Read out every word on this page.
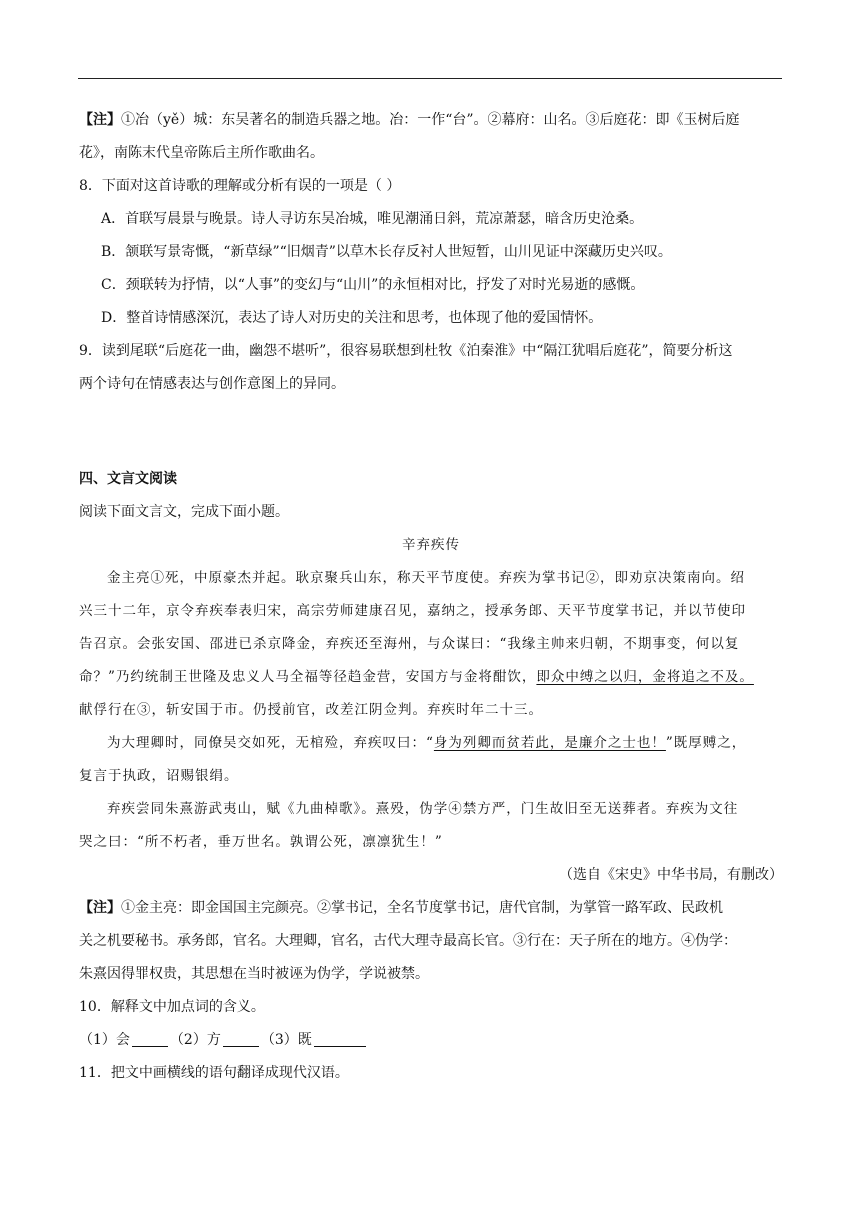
【注】①冶（yě）城：东吴著名的制造兵器之地。冶：一作“台”。②幕府：山名。③后庭花：即《玉树后庭
花》，南陈末代皇帝陈后主所作歌曲名。
8．下面对这首诗歌的理解或分析有误的一项是（ ）
A．首联写晨景与晚景。诗人寻访东吴冶城，唯见潮涌日斜，荒凉萧瑟，暗含历史沧桑。
B．颔联写景寄慨，“新草绿”“旧烟青”以草木长存反衬人世短暂，山川见证中深藏历史兴叹。
C．颈联转为抒情，以“人事”的变幻与“山川”的永恒相对比，抒发了对时光易逝的感慨。
D．整首诗情感深沉，表达了诗人对历史的关注和思考，也体现了他的爱国情怀。
9．读到尾联“后庭花一曲，幽怨不堪听”，很容易联想到杜牧《泊秦淮》中“隔江犹唱后庭花”，简要分析这
两个诗句在情感表达与创作意图上的异同。
四、文言文阅读
阅读下面文言文，完成下面小题。
辛弃疾传
金主亮①死，中原豪杰并起。耿京聚兵山东，称天平节度使。弃疾为掌书记②，即劝京决策南向。绍
兴三十二年，京令弃疾奉表归宋，高宗劳师建康召见，嘉纳之，授承务郎、天平节度掌书记，并以节使印
告召京。会张安国、邵进已杀京降金，弃疾还至海州，与众谋曰：“我缘主帅来归朝，不期事变，何以复
命？”乃约统制王世隆及忠义人马全福等径趋金营，安国方与金将酣饮，即众中缚之以归，金将追之不及。
献俘行在③，斩安国于市。仍授前官，改差江阴佥判。弃疾时年二十三。
为大理卿时，同僚吴交如死，无棺殓，弃疾叹曰：“身为列卿而贫若此，是廉介之士也！”既厚赙之，
复言于执政，诏赐银绢。
弃疾尝同朱熹游武夷山，赋《九曲棹歌》。熹殁，伪学④禁方严，门生故旧至无送葬者。弃疾为文往
哭之曰：“所不朽者，垂万世名。孰谓公死，凛凛犹生！”
（选自《宋史》中华书局，有删改）
【注】①金主亮：即金国国主完颜亮。②掌书记，全名节度掌书记，唐代官制，为掌管一路军政、民政机
关之机要秘书。承务郎，官名。大理卿，官名，古代大理寺最高长官。③行在：天子所在的地方。④伪学：
朱熹因得罪权贵，其思想在当时被诬为伪学，学说被禁。
10．解释文中加点词的含义。
（1）会	（2）方	（3）既
11．把文中画横线的语句翻译成现代汉语。
